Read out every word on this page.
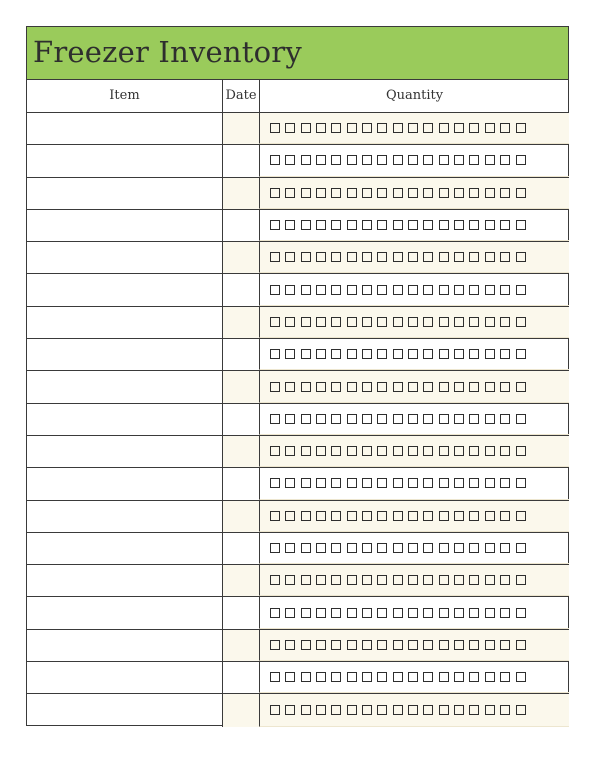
Freezer Inventory
Item	Date	Quantity
